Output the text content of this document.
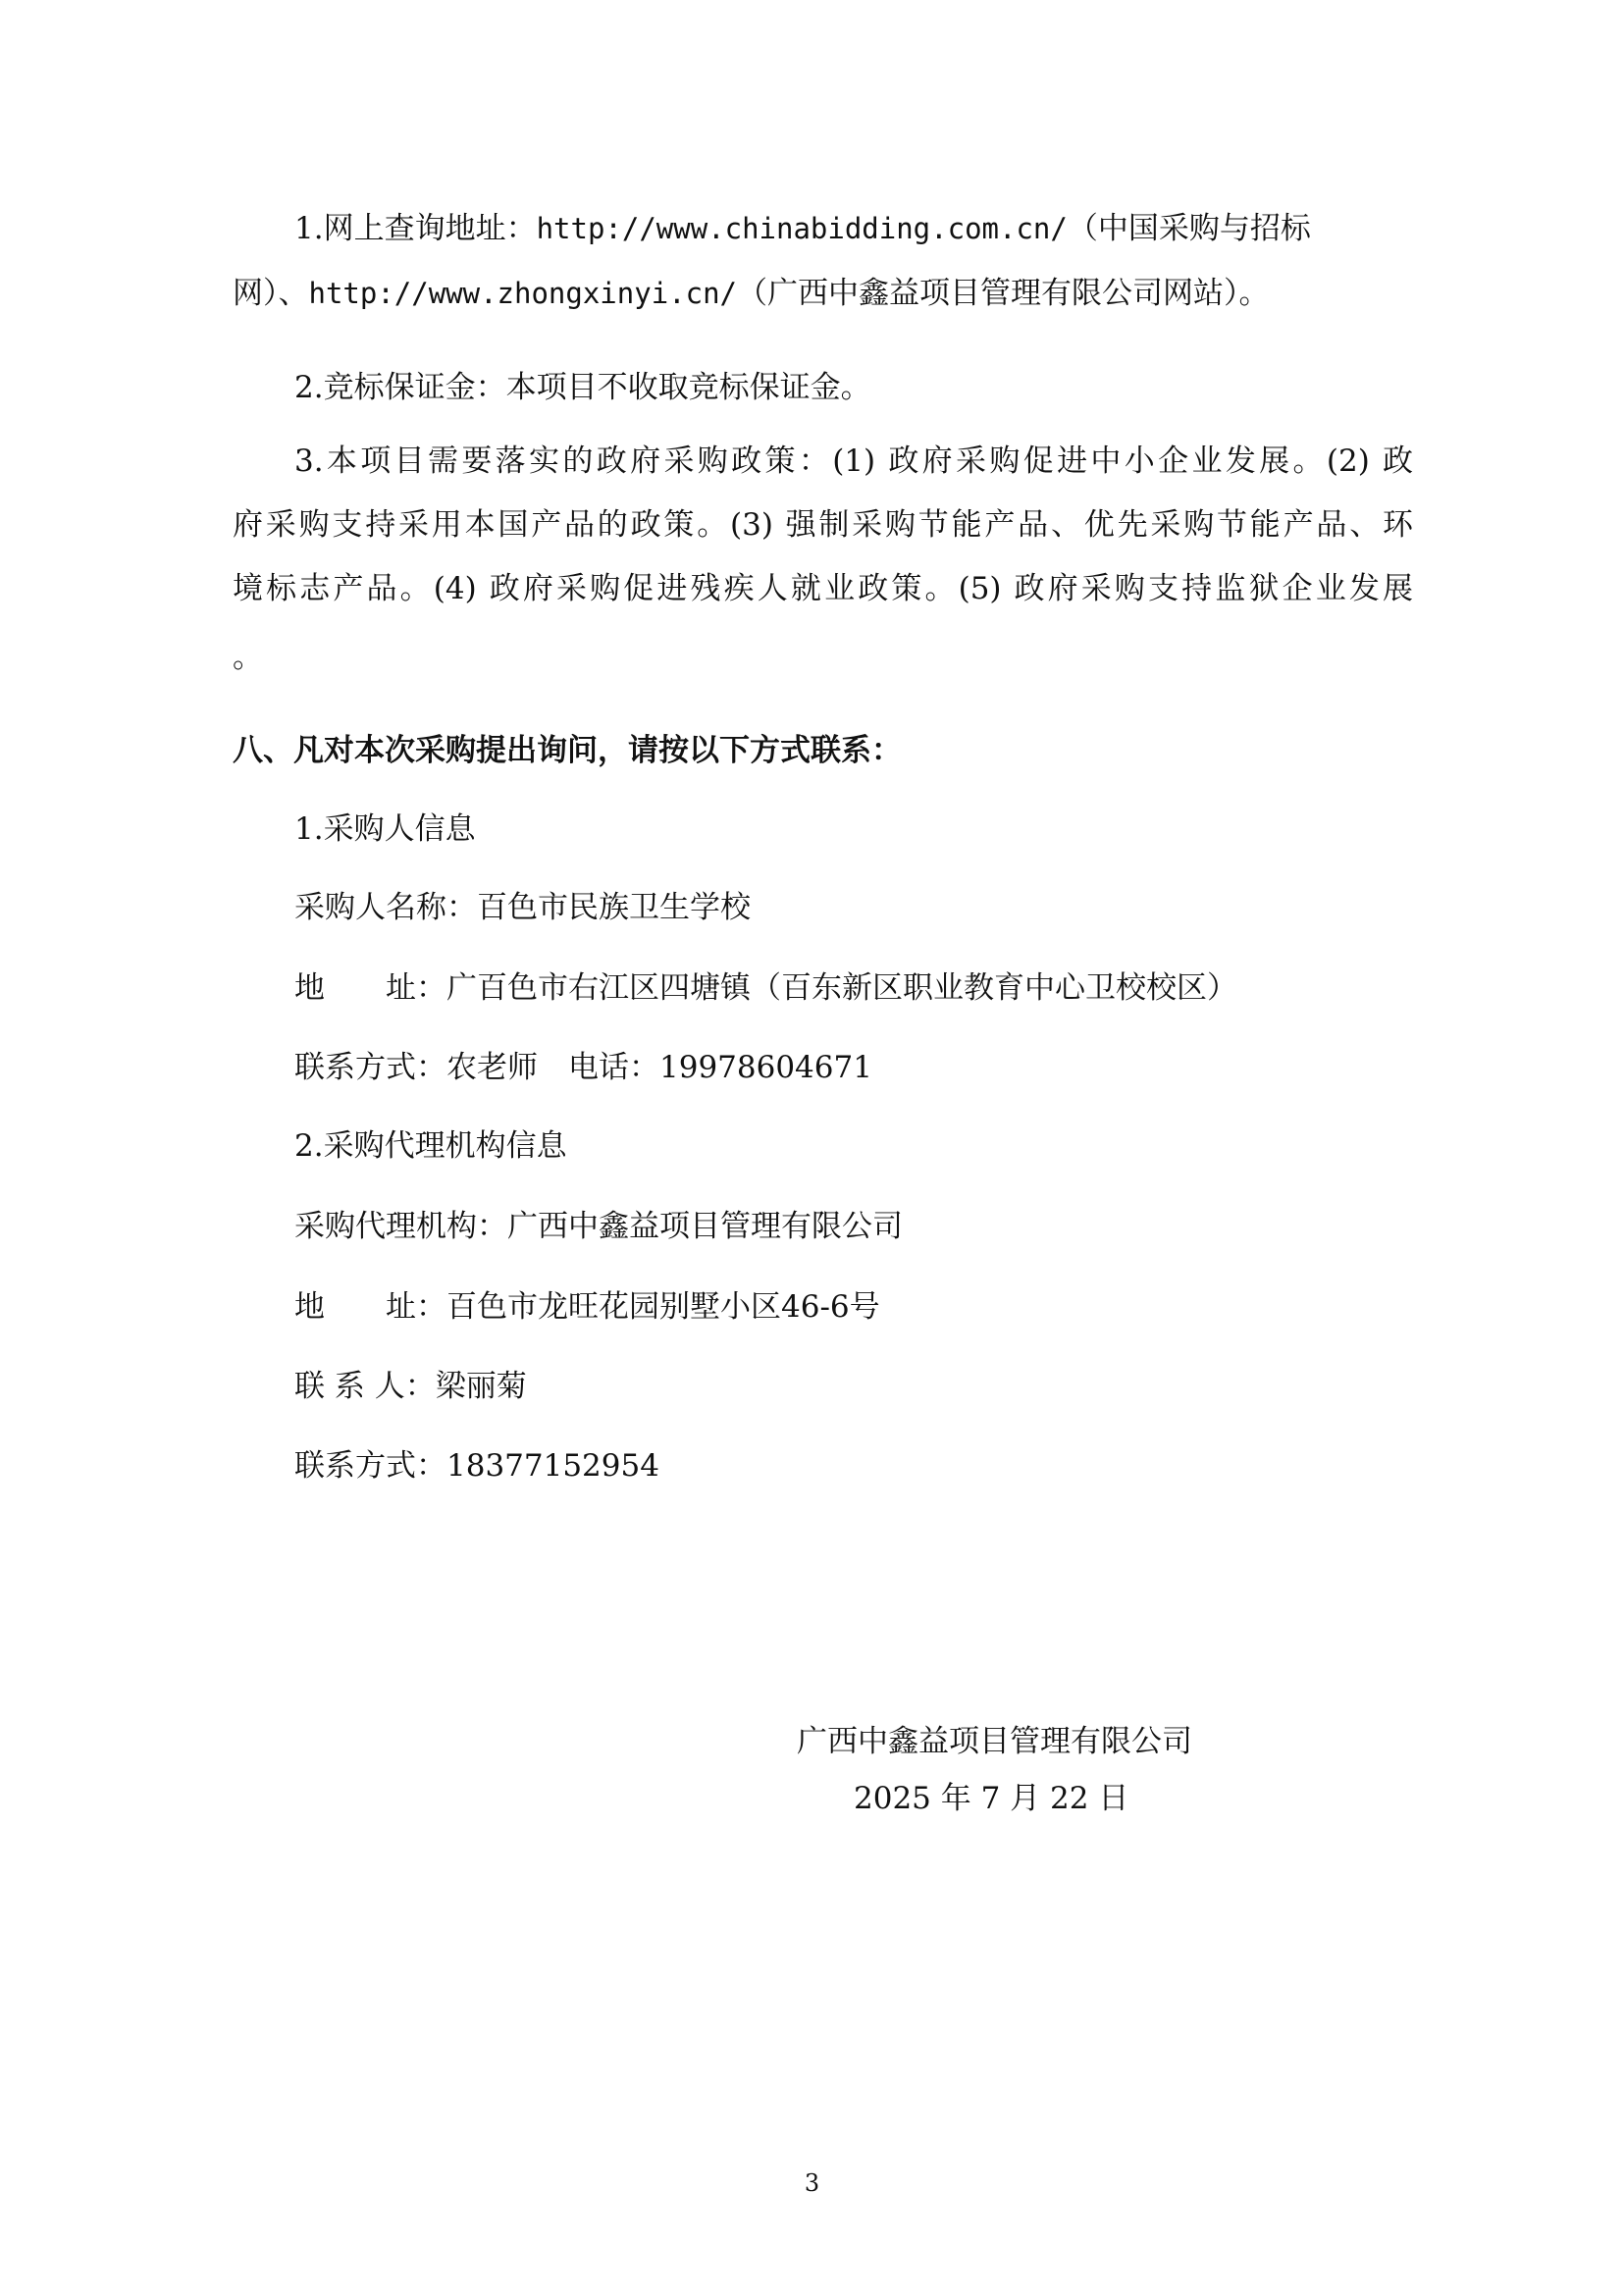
1.网上查询地址：http://www.chinabidding.com.cn/（中国采购与招标
网）、http://www.zhongxinyi.cn/（广西中鑫益项目管理有限公司网站）。
2.竞标保证金：本项目不收取竞标保证金。
3.本项目需要落实的政府采购政策：(1) 政府采购促进中小企业发展。(2) 政
府采购支持采用本国产品的政策。(3) 强制采购节能产品、优先采购节能产品、环
境标志产品。(4) 政府采购促进残疾人就业政策。(5) 政府采购支持监狱企业发展
。
八、凡对本次采购提出询问，请按以下方式联系：
1.采购人信息
采购人名称：百色市民族卫生学校
地　　址：广百色市右江区四塘镇（百东新区职业教育中心卫校校区）
联系方式：农老师　电话：19978604671
2.采购代理机构信息
采购代理机构：广西中鑫益项目管理有限公司
地　　址：百色市龙旺花园别墅小区46-6号
联 系 人：梁丽菊
联系方式：18377152954
广西中鑫益项目管理有限公司
2025 年 7 月 22 日
3
